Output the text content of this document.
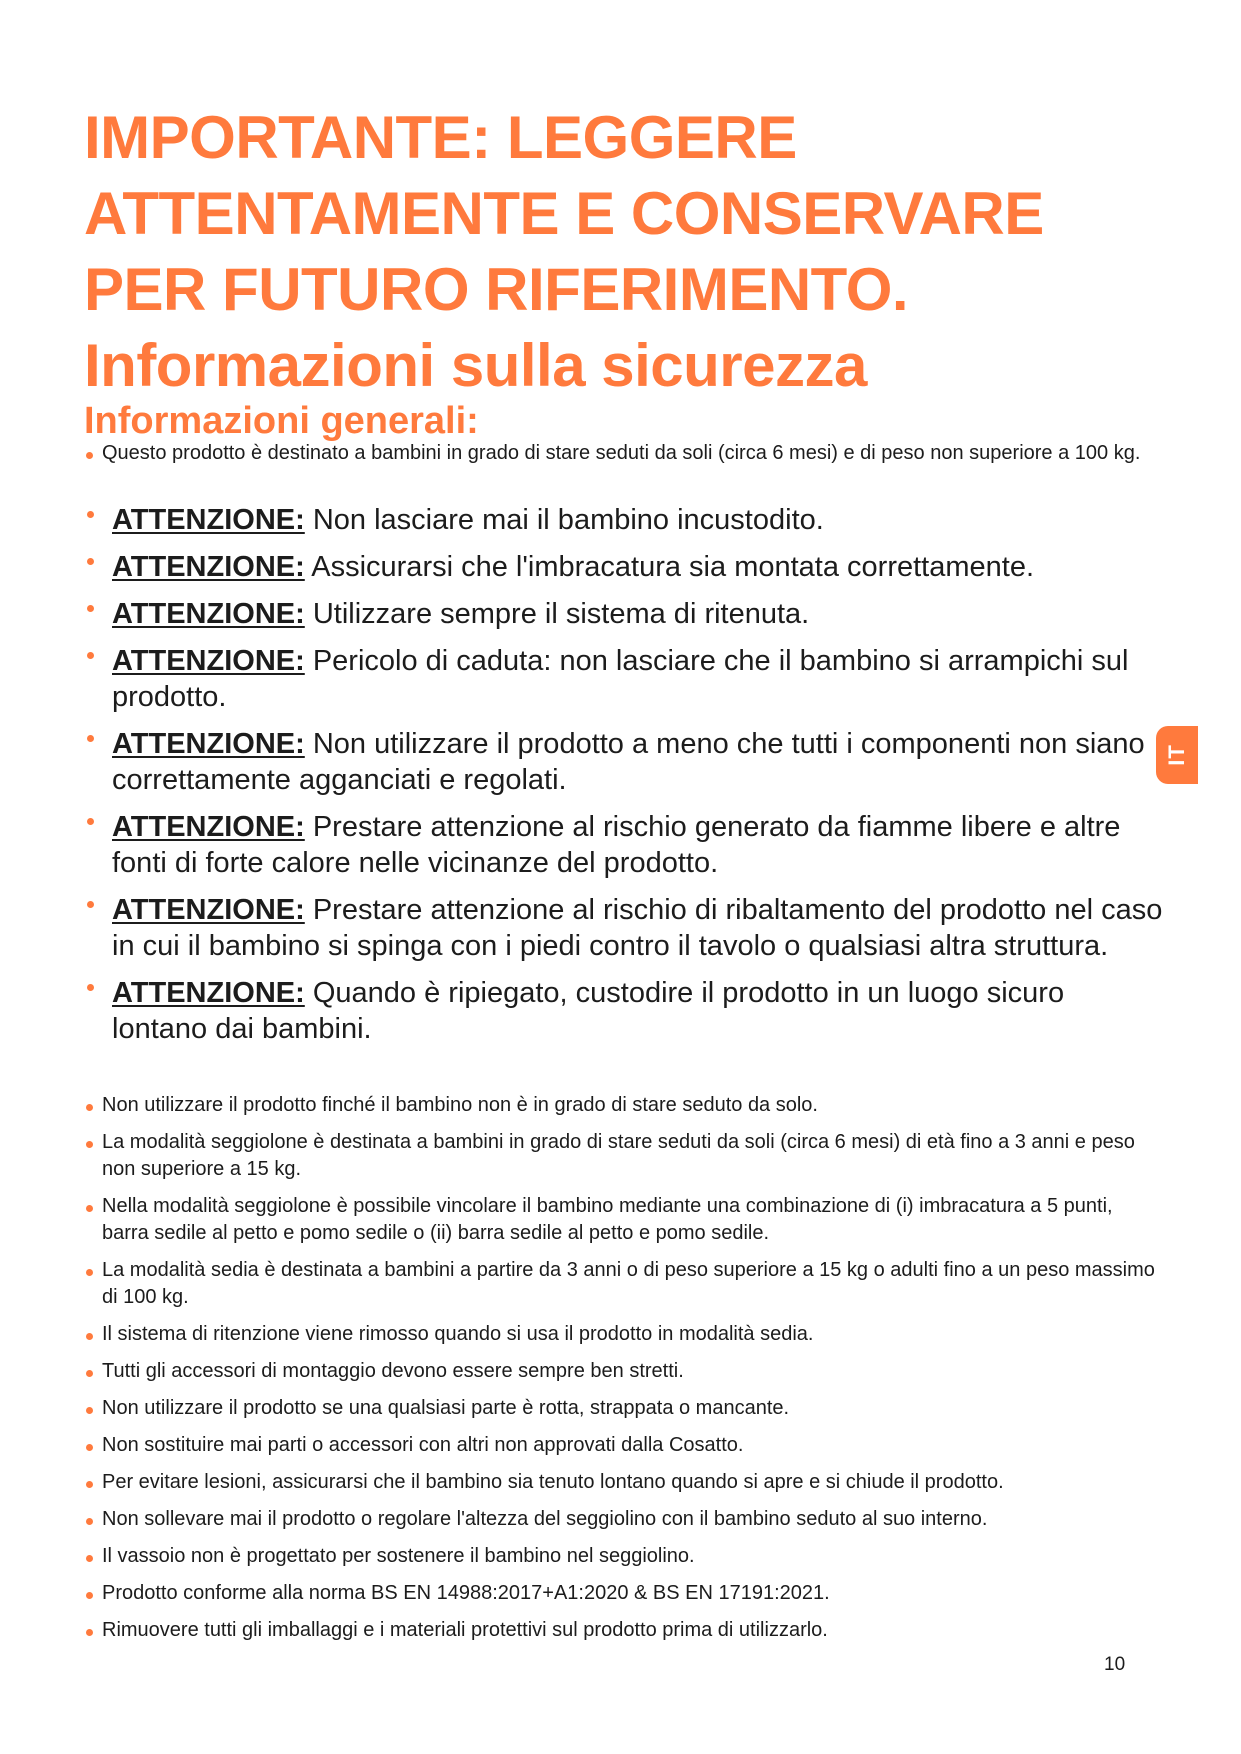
IMPORTANTE: LEGGERE
ATTENTAMENTE E CONSERVARE
PER FUTURO RIFERIMENTO.
Informazioni sulla sicurezza
Informazioni generali:
Questo prodotto è destinato a bambini in grado di stare seduti da soli (circa 6 mesi) e di peso non superiore a 100 kg.
ATTENZIONE: Non lasciare mai il bambino incustodito.
ATTENZIONE: Assicurarsi che l'imbracatura sia montata correttamente.
ATTENZIONE: Utilizzare sempre il sistema di ritenuta.
ATTENZIONE: Pericolo di caduta: non lasciare che il bambino si arrampichi sul prodotto.
ATTENZIONE: Non utilizzare il prodotto a meno che tutti i componenti non siano correttamente agganciati e regolati.
ATTENZIONE: Prestare attenzione al rischio generato da fiamme libere e altre fonti di forte calore nelle vicinanze del prodotto.
ATTENZIONE: Prestare attenzione al rischio di ribaltamento del prodotto nel caso in cui il bambino si spinga con i piedi contro il tavolo o qualsiasi altra struttura.
ATTENZIONE: Quando è ripiegato, custodire il prodotto in un luogo sicuro lontano dai bambini.
Non utilizzare il prodotto finché il bambino non è in grado di stare seduto da solo.
La modalità seggiolone è destinata a bambini in grado di stare seduti da soli (circa 6 mesi) di età fino a 3 anni e peso non superiore a 15 kg.
Nella modalità seggiolone è possibile vincolare il bambino mediante una combinazione di (i) imbracatura a 5 punti, barra sedile al petto e pomo sedile o (ii) barra sedile al petto e pomo sedile.
La modalità sedia è destinata a bambini a partire da 3 anni o di peso superiore a 15 kg o adulti fino a un peso massimo di 100 kg.
Il sistema di ritenzione viene rimosso quando si usa il prodotto in modalità sedia.
Tutti gli accessori di montaggio devono essere sempre ben stretti.
Non utilizzare il prodotto se una qualsiasi parte è rotta, strappata o mancante.
Non sostituire mai parti o accessori con altri non approvati dalla Cosatto.
Per evitare lesioni, assicurarsi che il bambino sia tenuto lontano quando si apre e si chiude il prodotto.
Non sollevare mai il prodotto o regolare l'altezza del seggiolino con il bambino seduto al suo interno.
Il vassoio non è progettato per sostenere il bambino nel seggiolino.
Prodotto conforme alla norma BS EN 14988:2017+A1:2020 & BS EN 17191:2021.
Rimuovere tutti gli imballaggi e i materiali protettivi sul prodotto prima di utilizzarlo.
IT
10
